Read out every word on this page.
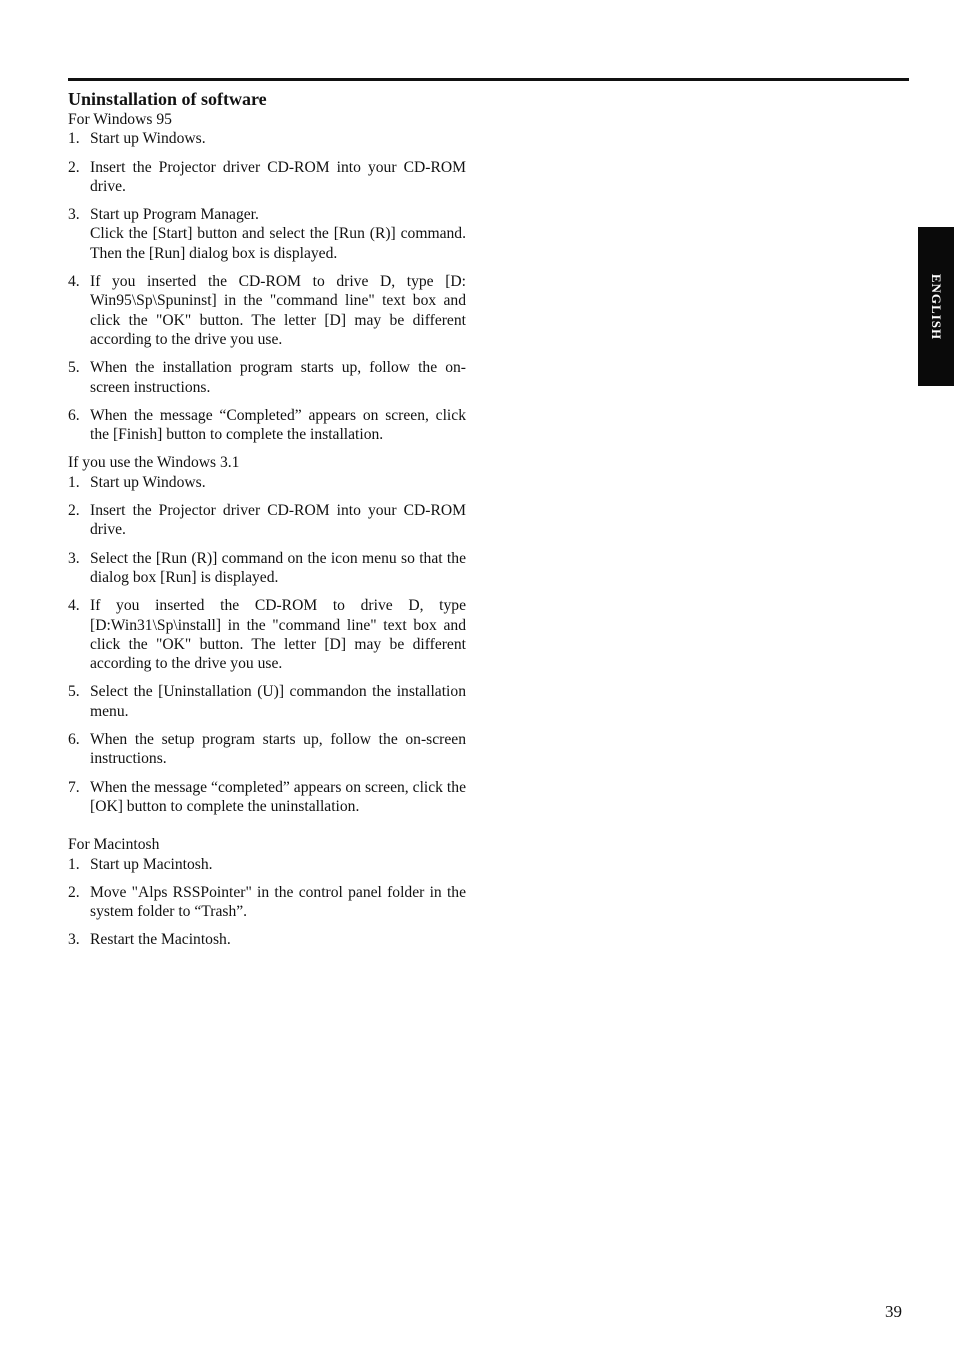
Uninstallation of software

For Windows 95

1. Start up Windows.
2. Insert the Projector driver CD-ROM into your CD-ROM drive.
3. Start up Program Manager.
Click the [Start] button and select the [Run (R)] command. Then the [Run] dialog box is displayed.
4. If you inserted the CD-ROM to drive D, type [D: Win95\Sp\Spuninst] in the "command line" text box and click the "OK" button. The letter [D] may be different according to the drive you use.
5. When the installation program starts up, follow the on-screen instructions.
6. When the message “Completed” appears on screen, click the [Finish] button to complete the installation.

If you use the Windows 3.1

1. Start up Windows.
2. Insert the Projector driver CD-ROM into your CD-ROM drive.
3. Select the [Run (R)] command on the icon menu so that the dialog box [Run] is displayed.
4. If you inserted the CD-ROM to drive D, type [D:Win31\Sp\install] in the "command line" text box and click the "OK" button. The letter [D] may be different according to the drive you use.
5. Select the [Uninstallation (U)] commandon the installation menu.
6. When the setup program starts up, follow the on-screen instructions.
7. When the message “completed” appears on screen, click the [OK] button to complete the uninstallation.

For Macintosh

1. Start up Macintosh.
2. Move "Alps RSSPointer" in the control panel folder in the system folder to “Trash”.
3. Restart the Macintosh.
ENGLISH
39
